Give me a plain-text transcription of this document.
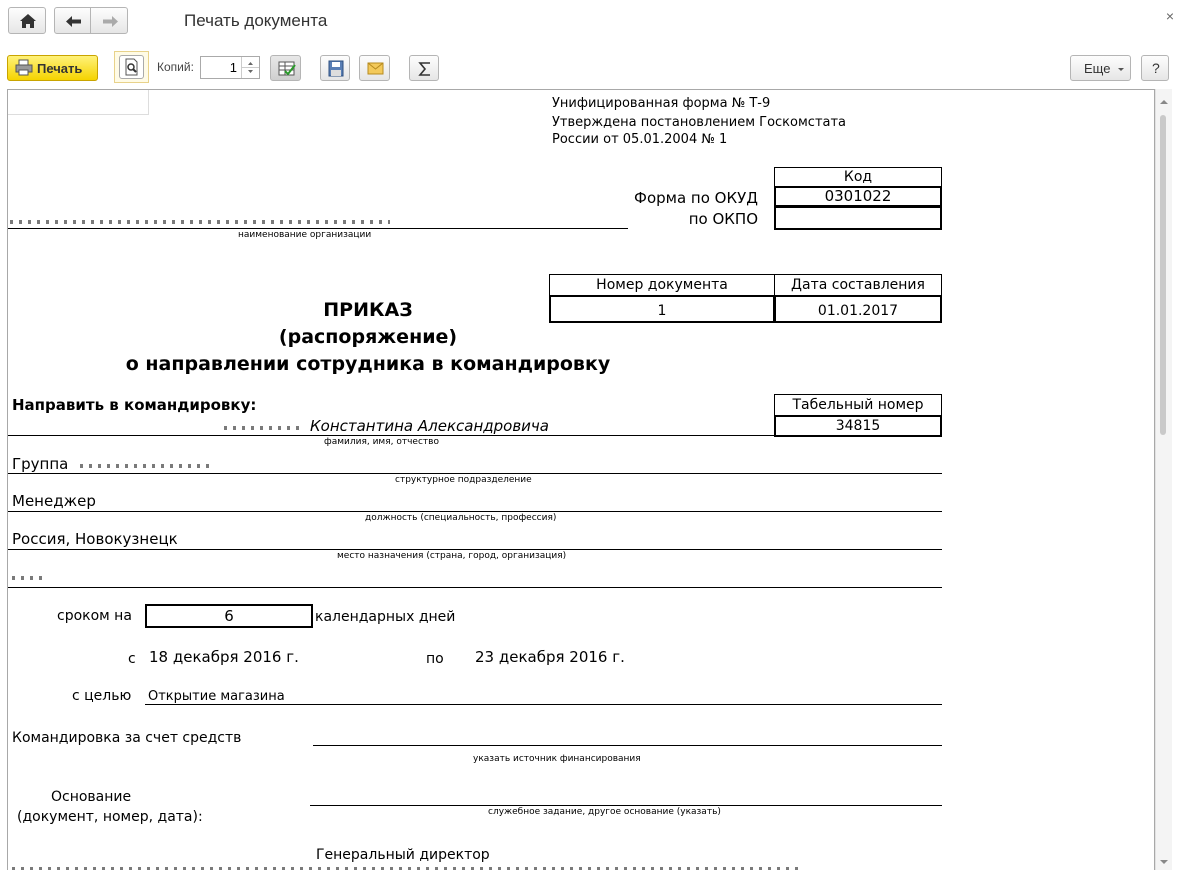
Печать документа	×
Печать	Копий:	1	Еще	?
Унифицированная форма № Т-9
Утверждена постановлением Госкомстата
России от 05.01.2004 № 1
Код
0301022
Форма по ОКУД
по ОКПО
наименование организации
Номер документа	Дата составления
1	01.01.2017
ПРИКАЗ
(распоряжение)
о направлении сотрудника в командировку
Направить в командировку:	Табельный номер
34815
Константина Александровича
фамилия, имя, отчество
Группа
структурное подразделение
Менеджер
должность (специальность, профессия)
Россия, Новокузнецк
место назначения (страна, город, организация)
сроком на	6	календарных дней
с 18 декабря 2016 г.	по 23 декабря 2016 г.
с целью Открытие магазина
Командировка за счет средств
указать источник финансирования
Основание
(документ, номер, дата):	служебное задание, другое основание (указать)
Генеральный директор
